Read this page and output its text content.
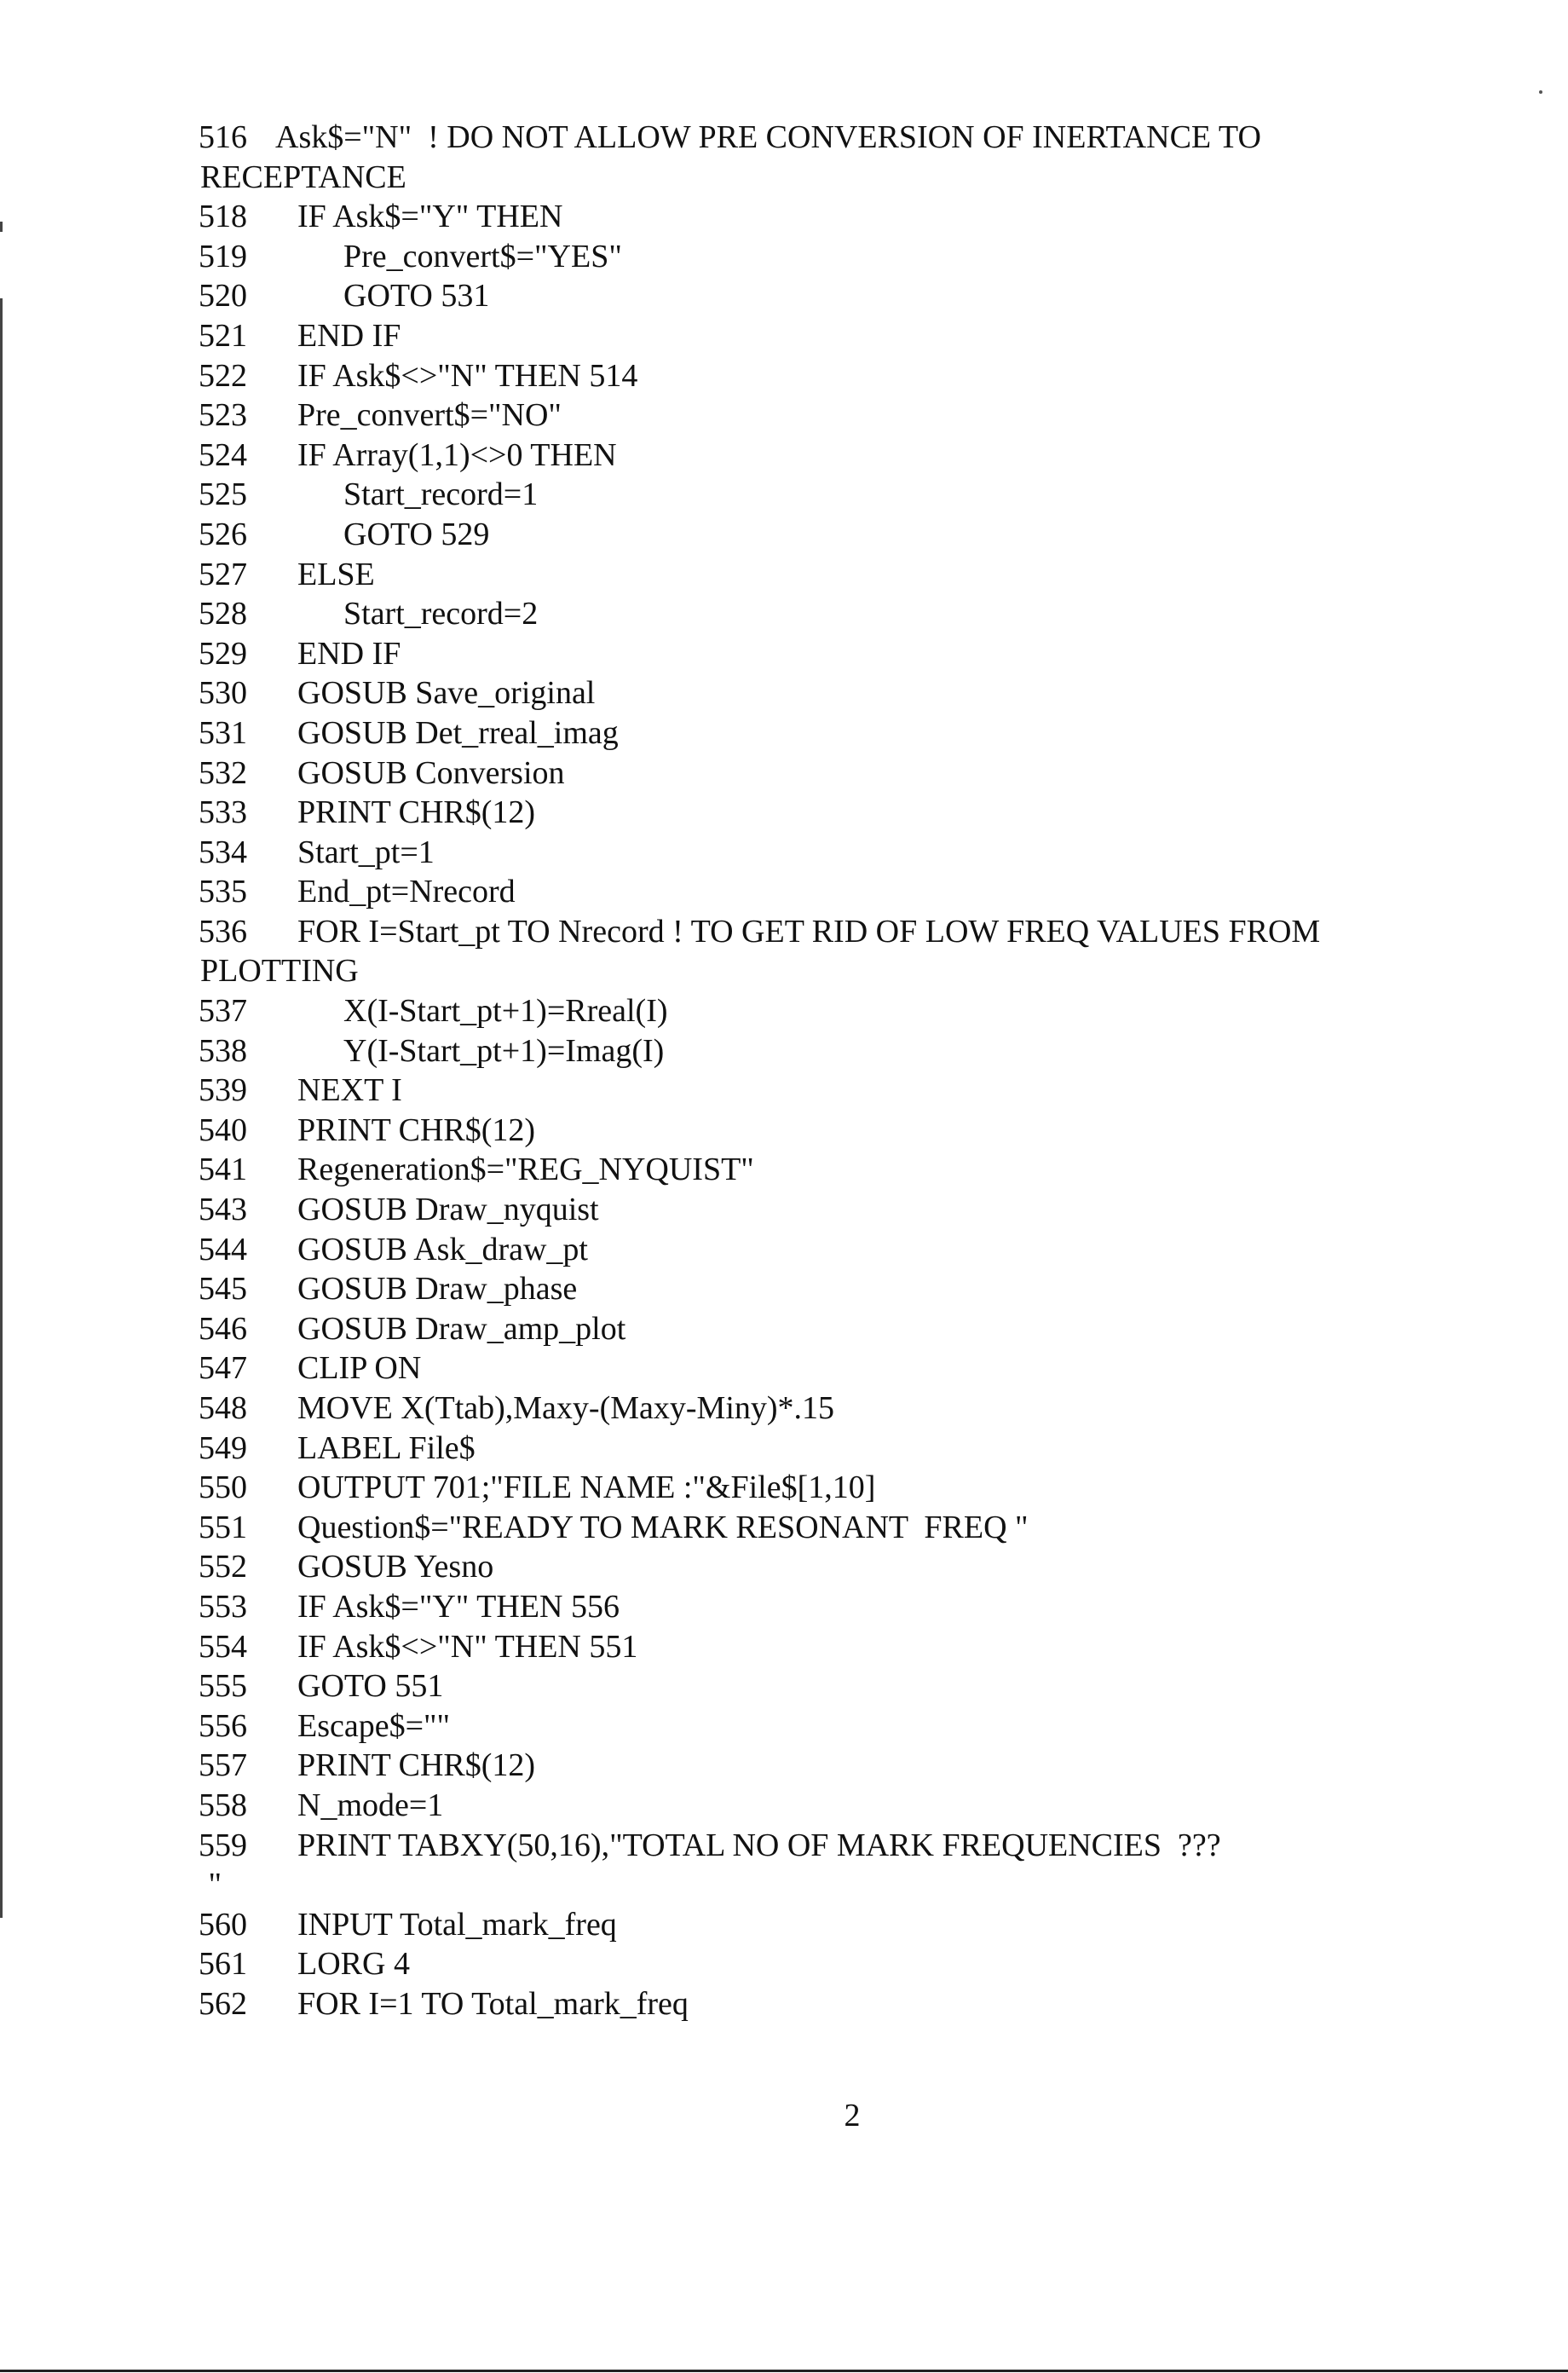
516 Ask$="N"  ! DO NOT ALLOW PRE CONVERSION OF INERTANCE TO
RECEPTANCE
518 IF Ask$="Y" THEN
519	Pre_convert$="YES"
520	GOTO 531
521 END IF
522 IF Ask$<>"N" THEN 514
523 Pre_convert$="NO"
524 IF Array(1,1)<>0 THEN
525	Start_record=1
526	GOTO 529
527 ELSE
528	Start_record=2
529 END IF
530 GOSUB Save_original
531 GOSUB Det_rreal_imag
532 GOSUB Conversion
533 PRINT CHR$(12)
534 Start_pt=1
535 End_pt=Nrecord
536 FOR I=Start_pt TO Nrecord ! TO GET RID OF LOW FREQ VALUES FROM
PLOTTING
537	X(I-Start_pt+1)=Rreal(I)
538	Y(I-Start_pt+1)=Imag(I)
539 NEXT I
540 PRINT CHR$(12)
541 Regeneration$="REG_NYQUIST"
543 GOSUB Draw_nyquist
544 GOSUB Ask_draw_pt
545 GOSUB Draw_phase
546 GOSUB Draw_amp_plot
547 CLIP ON
548 MOVE X(Ttab),Maxy-(Maxy-Miny)*.15
549 LABEL File$
550 OUTPUT 701;"FILE NAME :"&File$[1,10]
551 Question$="READY TO MARK RESONANT  FREQ "
552 GOSUB Yesno
553 IF Ask$="Y" THEN 556
554 IF Ask$<>"N" THEN 551
555 GOTO 551
556 Escape$=""
557 PRINT CHR$(12)
558 N_mode=1
559 PRINT TABXY(50,16),"TOTAL NO OF MARK FREQUENCIES  ???
"
560 INPUT Total_mark_freq
561 LORG 4
562 FOR I=1 TO Total_mark_freq
2
